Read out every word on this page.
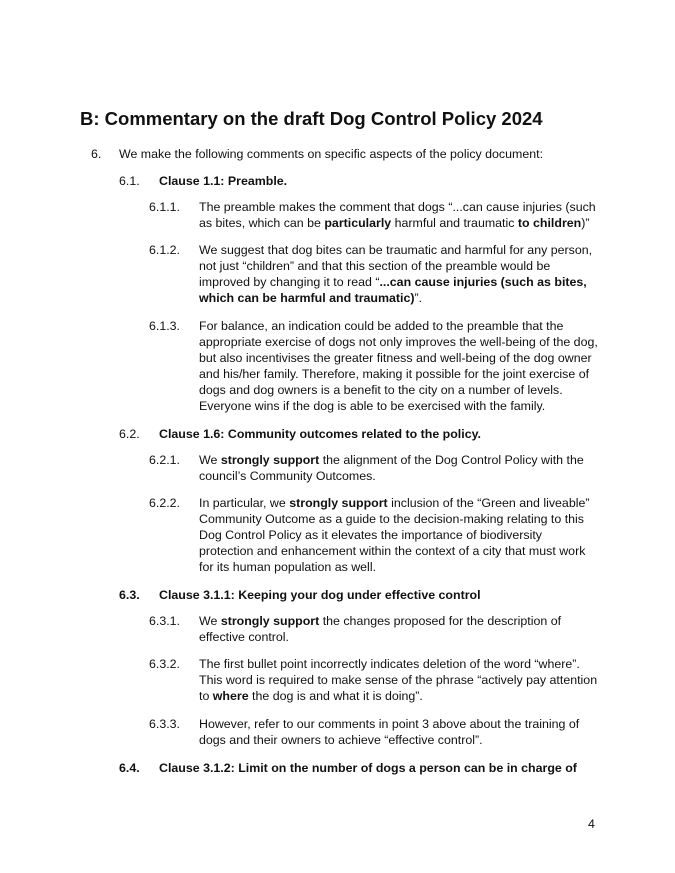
B: Commentary on the draft Dog Control Policy 2024
6. We make the following comments on specific aspects of the policy document:
6.1. Clause 1.1: Preamble.
6.1.1. The preamble makes the comment that dogs “...can cause injuries (such as bites, which can be particularly harmful and traumatic to children)”
6.1.2. We suggest that dog bites can be traumatic and harmful for any person, not just “children” and that this section of the preamble would be improved by changing it to read “...can cause injuries (such as bites, which can be harmful and traumatic)”.
6.1.3. For balance, an indication could be added to the preamble that the appropriate exercise of dogs not only improves the well-being of the dog, but also incentivises the greater fitness and well-being of the dog owner and his/her family. Therefore, making it possible for the joint exercise of dogs and dog owners is a benefit to the city on a number of levels. Everyone wins if the dog is able to be exercised with the family.
6.2. Clause 1.6: Community outcomes related to the policy.
6.2.1. We strongly support the alignment of the Dog Control Policy with the council’s Community Outcomes.
6.2.2. In particular, we strongly support inclusion of the “Green and liveable” Community Outcome as a guide to the decision-making relating to this Dog Control Policy as it elevates the importance of biodiversity protection and enhancement within the context of a city that must work for its human population as well.
6.3. Clause 3.1.1: Keeping your dog under effective control
6.3.1. We strongly support the changes proposed for the description of effective control.
6.3.2. The first bullet point incorrectly indicates deletion of the word “where”. This word is required to make sense of the phrase “actively pay attention to where the dog is and what it is doing”.
6.3.3. However, refer to our comments in point 3 above about the training of dogs and their owners to achieve “effective control”.
6.4. Clause 3.1.2: Limit on the number of dogs a person can be in charge of
4
